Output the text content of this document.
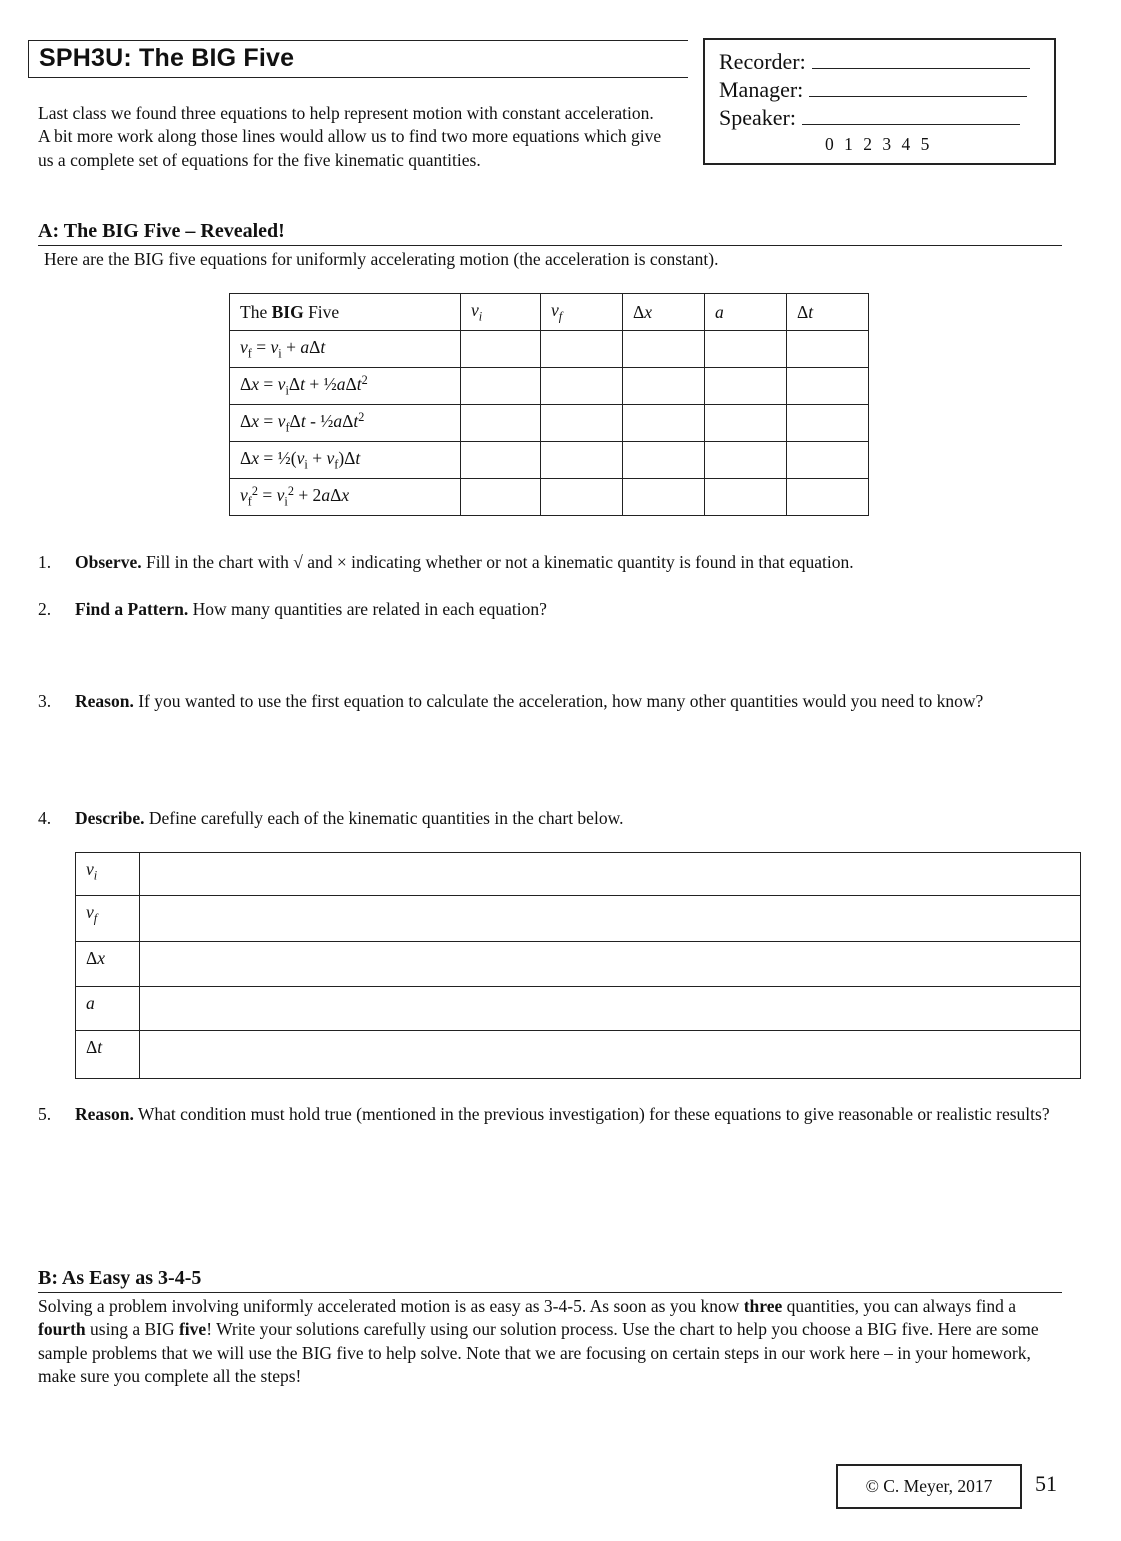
SPH3U: The BIG Five
Last class we found three equations to help represent motion with constant acceleration. A bit more work along those lines would allow us to find two more equations which give us a complete set of equations for the five kinematic quantities.
Recorder:
Manager:
Speaker:
0 1 2 3 4 5
A: The BIG Five – Revealed!
Here are the BIG five equations for uniformly accelerating motion (the acceleration is constant).
The BIG Five	$v_i$	$v_f$	Δx	a	Δt
$v_f = v_i + a\Delta t$					
$\Delta x = v_i\Delta t$ + ½aΔt$^2$					
$\Delta x = v_f\Delta t$ - ½aΔt$^2$					
$\Delta x = \frac{1}{2}(v_i + v_f)\Delta t$					
$v_f^2 = v_i^2 + 2a\Delta x$					
1. Observe. Fill in the chart with √ and × indicating whether or not a kinematic quantity is found in that equation.
2. Find a Pattern. How many quantities are related in each equation?
3. Reason. If you wanted to use the first equation to calculate the acceleration, how many other quantities would you need to know?
4. Describe. Define carefully each of the kinematic quantities in the chart below.
$v_i$	
$v_f$	
Δx	
a	
Δt	
5. Reason. What condition must hold true (mentioned in the previous investigation) for these equations to give reasonable or realistic results?
B: As Easy as 3-4-5
Solving a problem involving uniformly accelerated motion is as easy as 3-4-5. As soon as you know three quantities, you can always find a fourth using a BIG five! Write your solutions carefully using our solution process. Use the chart to help you choose a BIG five. Here are some sample problems that we will use the BIG five to help solve. Note that we are focusing on certain steps in our work here – in your homework, make sure you complete all the steps!
© C. Meyer, 2017 51
